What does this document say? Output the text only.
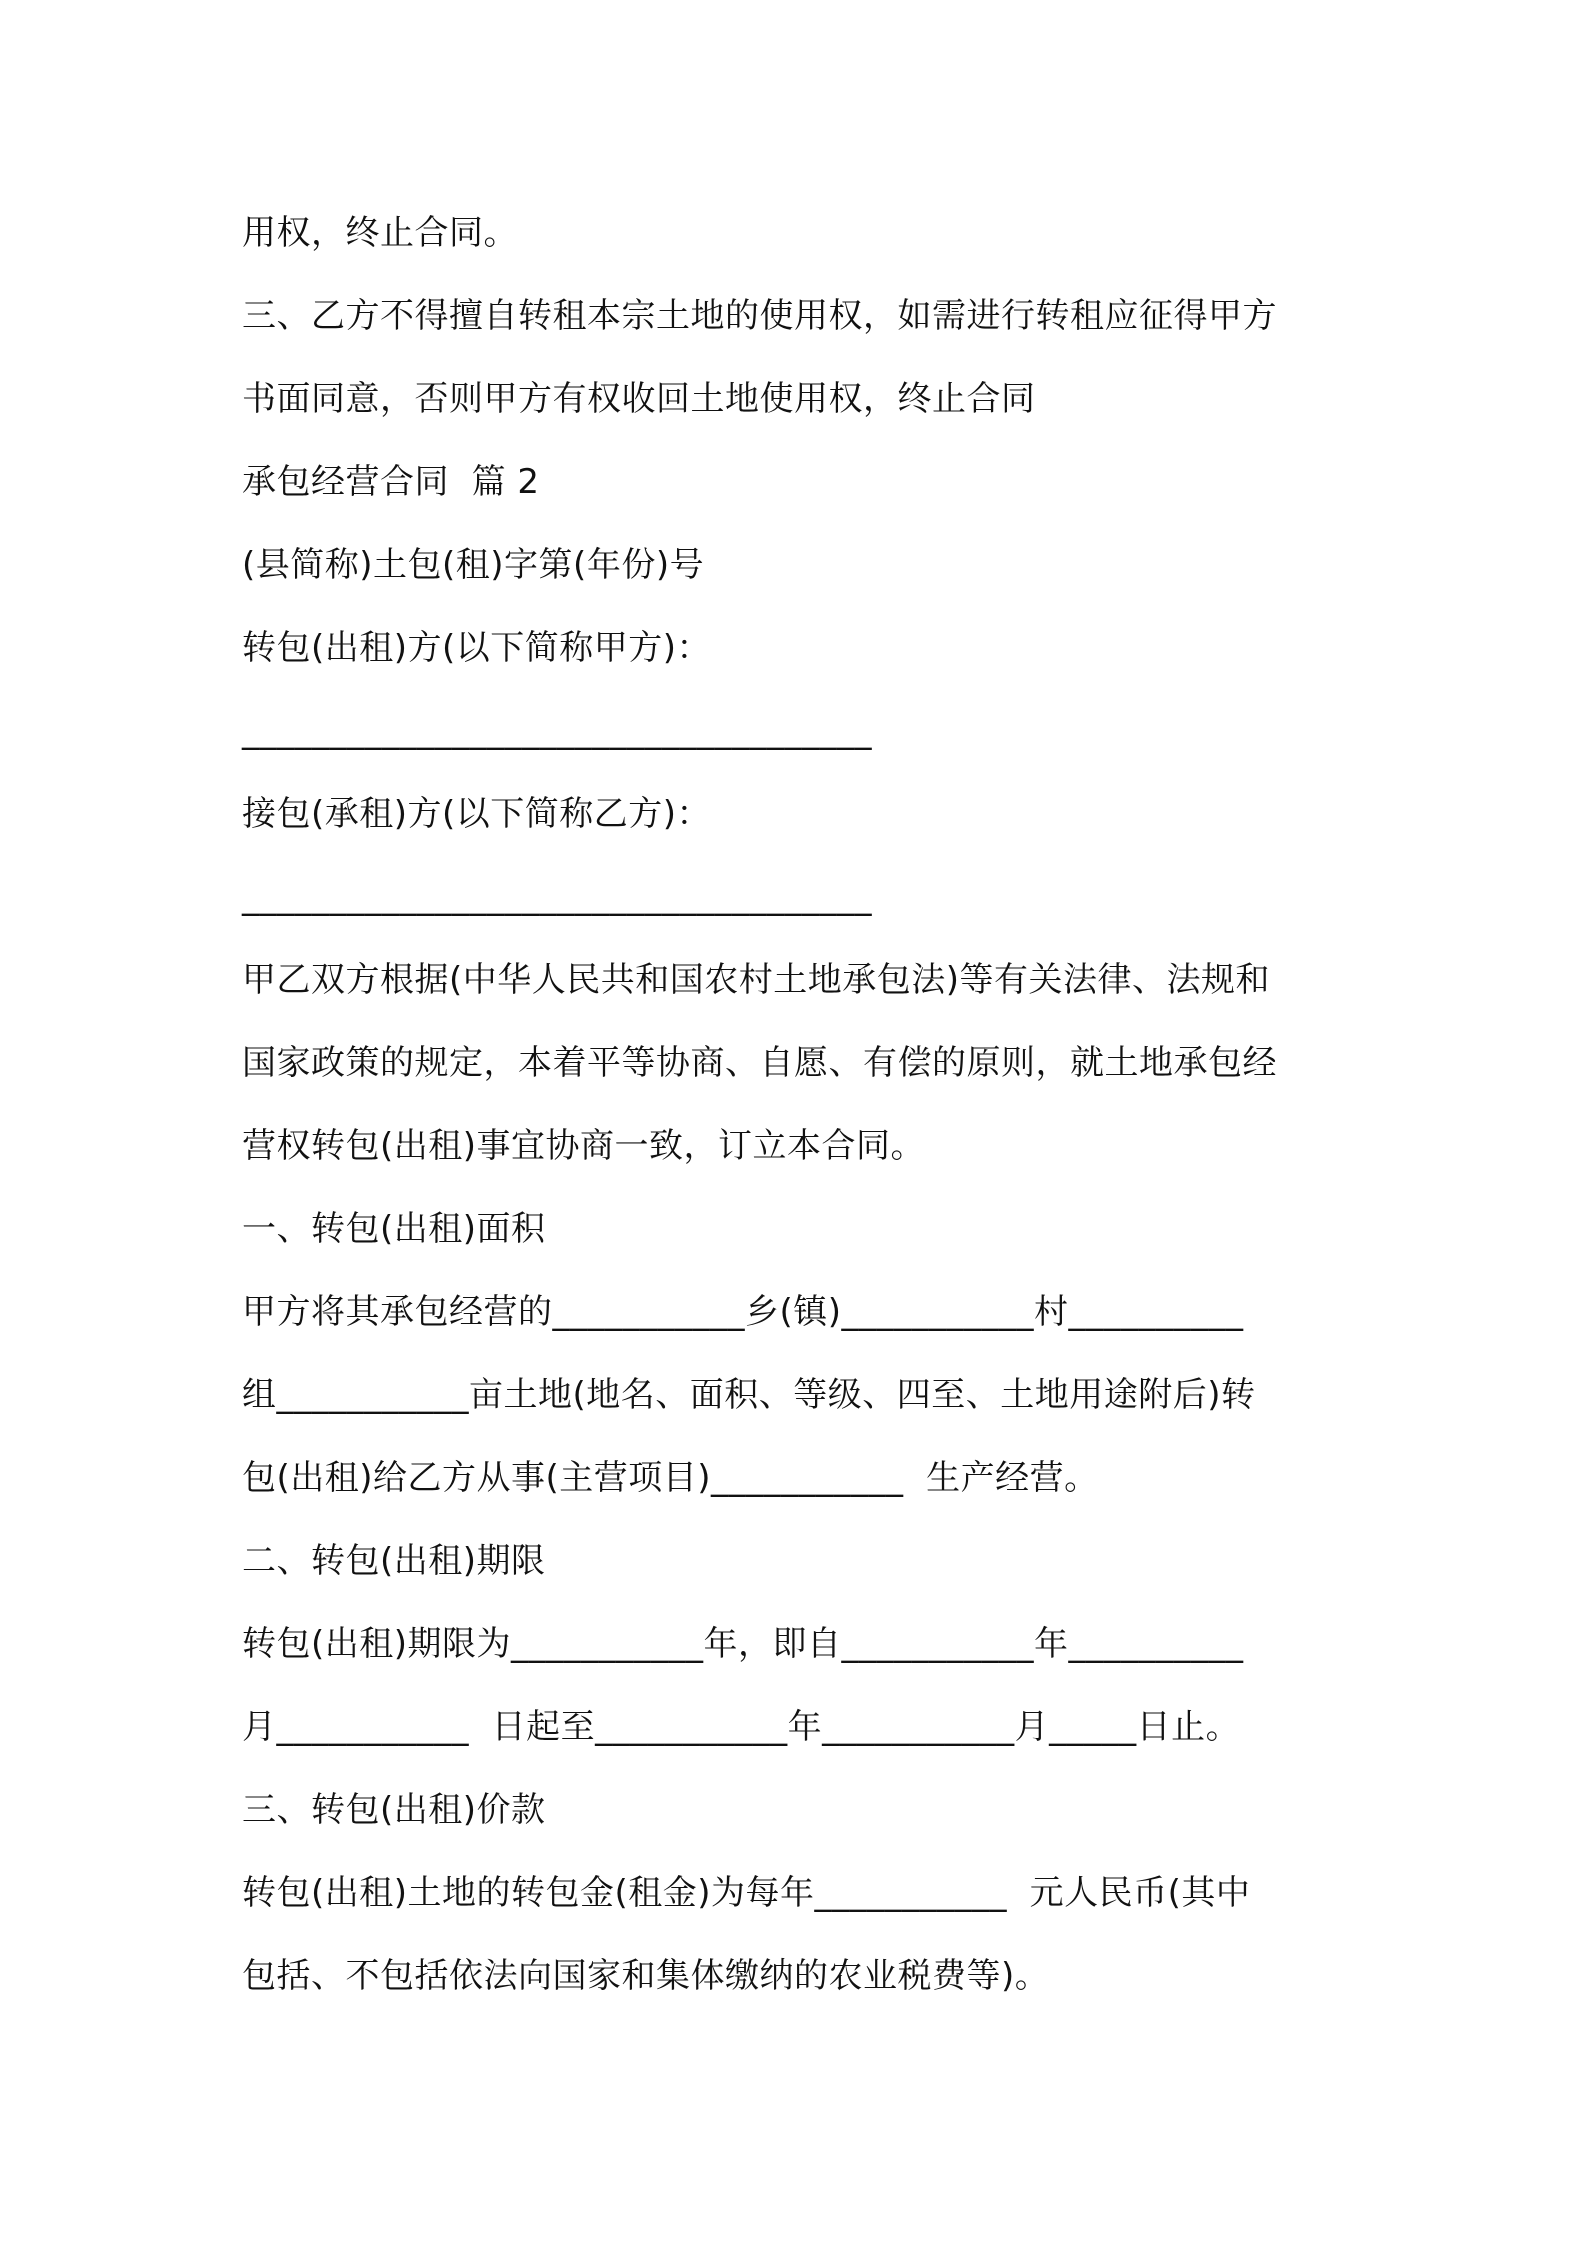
用权，终止合同。
三、乙方不得擅自转租本宗土地的使用权，如需进行转租应征得甲方
书面同意，否则甲方有权收回土地使用权，终止合同
承包经营合同  篇 2
(县简称)土包(租)字第(年份)号
转包(出租)方(以下简称甲方)：
____________________________________
接包(承租)方(以下简称乙方)：
____________________________________
甲乙双方根据(中华人民共和国农村土地承包法)等有关法律、法规和
国家政策的规定，本着平等协商、自愿、有偿的原则，就土地承包经
营权转包(出租)事宜协商一致，订立本合同。
一、转包(出租)面积
甲方将其承包经营的___________乡(镇)___________村__________
组___________亩土地(地名、面积、等级、四至、土地用途附后)转
包(出租)给乙方从事(主营项目)___________  生产经营。
二、转包(出租)期限
转包(出租)期限为___________年，即自___________年__________
月___________  日起至___________年___________月_____日止。
三、转包(出租)价款
转包(出租)土地的转包金(租金)为每年___________  元人民币(其中
包括、不包括依法向国家和集体缴纳的农业税费等)。
